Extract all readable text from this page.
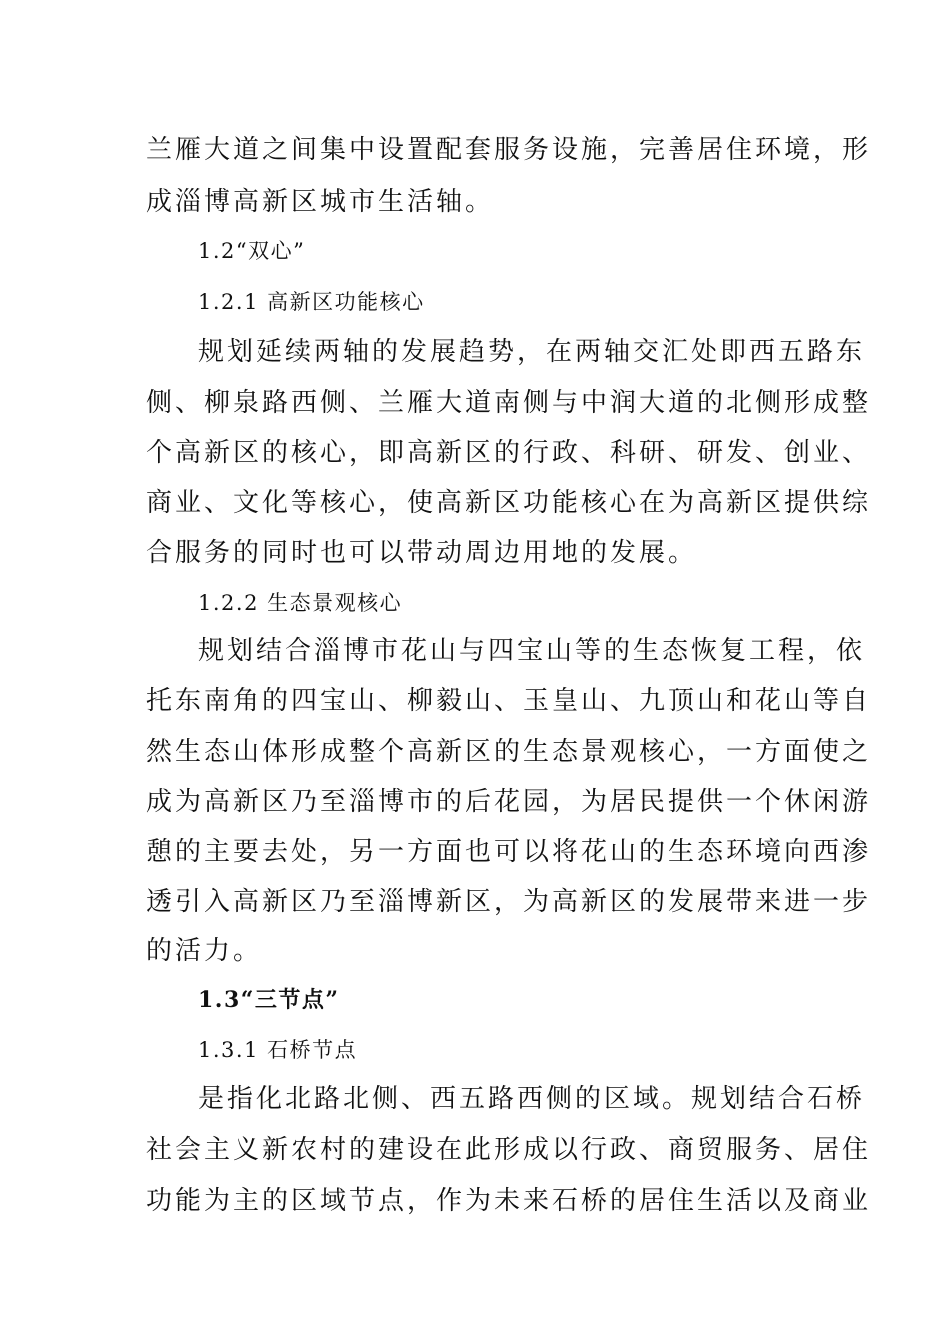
兰雁大道之间集中设置配套服务设施，完善居住环境，形
成淄博高新区城市生活轴。
1.2“双心”
1.2.1 高新区功能核心
规划延续两轴的发展趋势，在两轴交汇处即西五路东
侧、柳泉路西侧、兰雁大道南侧与中润大道的北侧形成整
个高新区的核心，即高新区的行政、科研、研发、创业、
商业、文化等核心，使高新区功能核心在为高新区提供综
合服务的同时也可以带动周边用地的发展。
1.2.2 生态景观核心
规划结合淄博市花山与四宝山等的生态恢复工程，依
托东南角的四宝山、柳毅山、玉皇山、九顶山和花山等自
然生态山体形成整个高新区的生态景观核心，一方面使之
成为高新区乃至淄博市的后花园，为居民提供一个休闲游
憩的主要去处，另一方面也可以将花山的生态环境向西渗
透引入高新区乃至淄博新区，为高新区的发展带来进一步
的活力。
1.3“三节点”
1.3.1 石桥节点
是指化北路北侧、西五路西侧的区域。规划结合石桥
社会主义新农村的建设在此形成以行政、商贸服务、居住
功能为主的区域节点，作为未来石桥的居住生活以及商业
